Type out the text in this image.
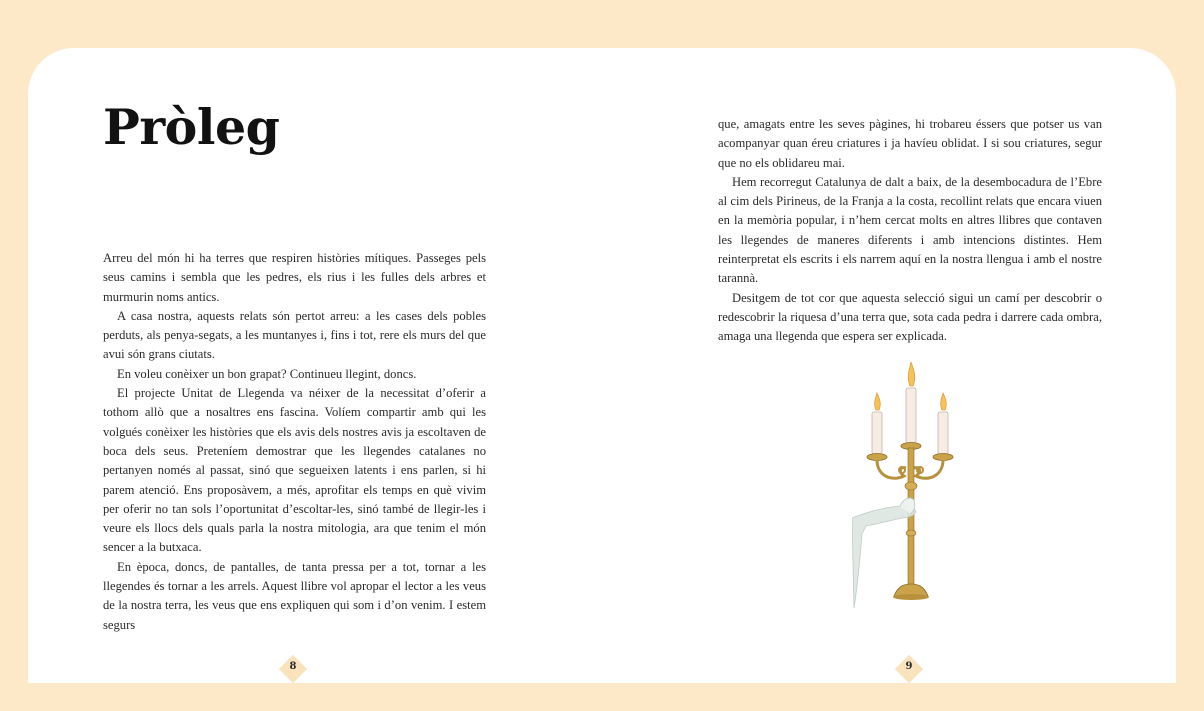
Pròleg

Arreu del món hi ha terres que respiren històries mítiques. Passeges pels seus camins i sembla que les pedres, els rius i les fulles dels arbres et murmurin noms antics.

A casa nostra, aquests relats són pertot arreu: a les cases dels pobles perduts, als penya-segats, a les muntanyes i, fins i tot, rere els murs del que avui són grans ciutats.

En voleu conèixer un bon grapat? Continueu llegint, doncs.

El projecte Unitat de Llegenda va néixer de la necessitat d’oferir a tothom allò que a nosaltres ens fascina. Volíem compartir amb qui les volgués conèixer les històries que els avis dels nostres avis ja escoltaven de boca dels seus. Preteníem demostrar que les llegendes catalanes no pertanyen només al passat, sinó que segueixen latents i ens parlen, si hi parem atenció. Ens proposàvem, a més, aprofitar els temps en què vivim per oferir no tan sols l’oportunitat d’escoltar-les, sinó també de llegir-les i veure els llocs dels quals parla la nostra mitologia, ara que tenim el món sencer a la butxaca.

En època, doncs, de pantalles, de tanta pressa per a tot, tornar a les llegendes és tornar a les arrels. Aquest llibre vol apropar el lector a les veus de la nostra terra, les veus que ens expliquen qui som i d’on venim. I estem segurs

8

que, amagats entre les seves pàgines, hi trobareu éssers que potser us van acompanyar quan éreu criatures i ja havíeu oblidat. I si sou criatures, segur que no els oblidareu mai.

Hem recorregut Catalunya de dalt a baix, de la desembocadura de l’Ebre al cim dels Pirineus, de la Franja a la costa, recollint relats que encara viuen en la memòria popular, i n’hem cercat molts en altres llibres que contaven les llegendes de maneres diferents i amb intencions distintes. Hem reinterpretat els escrits i els narrem aquí en la nostra llengua i amb el nostre tarannà.

Desitgem de tot cor que aquesta selecció sigui un camí per descobrir o redescobrir la riquesa d’una terra que, sota cada pedra i darrere cada ombra, amaga una llegenda que espera ser explicada.

9
